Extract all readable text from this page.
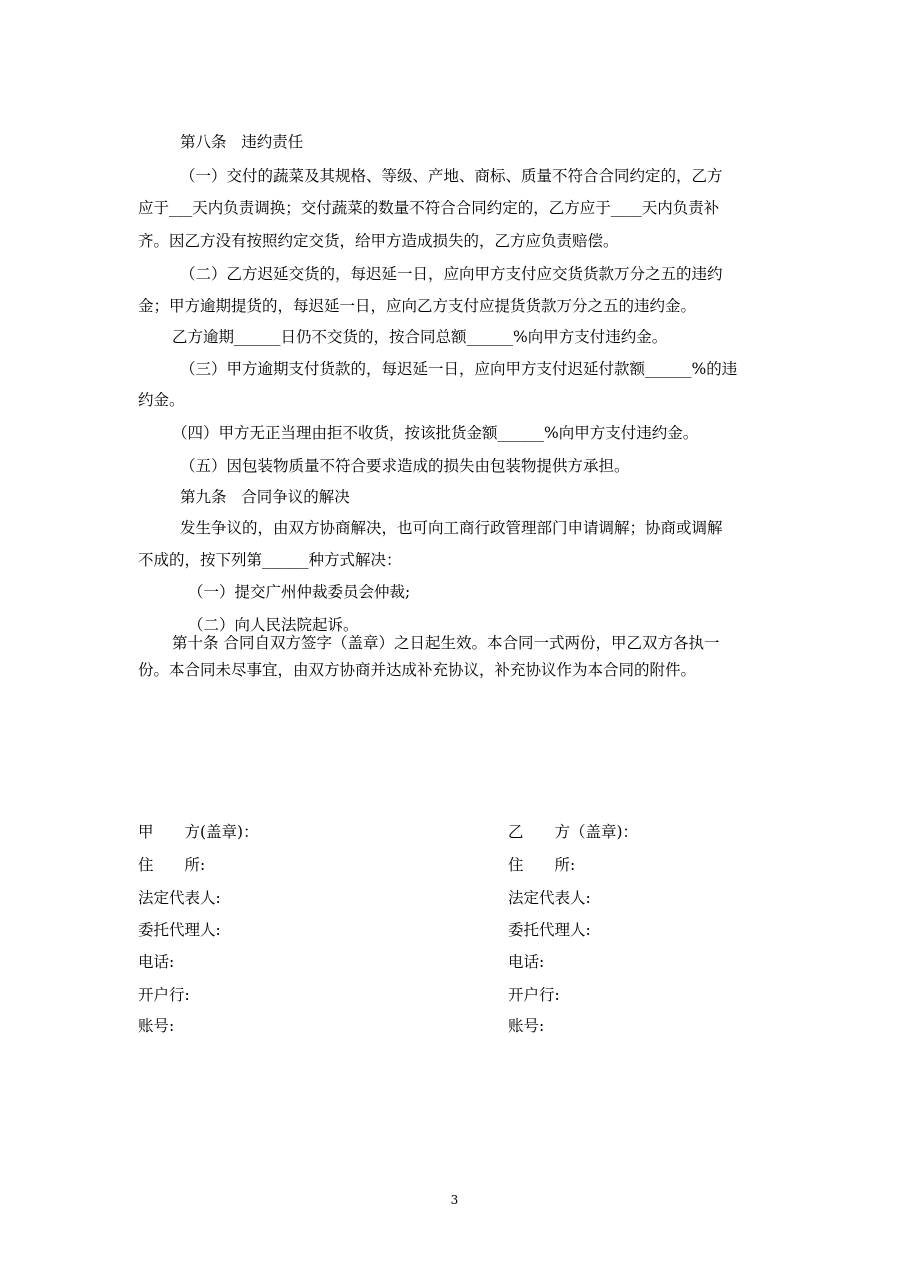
第八条 违约责任
（一）交付的蔬菜及其规格、等级、产地、商标、质量不符合合同约定的，乙方
应于___天内负责调换；交付蔬菜的数量不符合合同约定的，乙方应于____天内负责补
齐。因乙方没有按照约定交货，给甲方造成损失的，乙方应负责赔偿。
（二）乙方迟延交货的，每迟延一日，应向甲方支付应交货货款万分之五的违约
金；甲方逾期提货的，每迟延一日，应向乙方支付应提货货款万分之五的违约金。
乙方逾期______日仍不交货的，按合同总额______%向甲方支付违约金。
（三）甲方逾期支付货款的，每迟延一日，应向甲方支付迟延付款额______%的违
约金。
（四）甲方无正当理由拒不收货，按该批货金额______%向甲方支付违约金。
（五）因包装物质量不符合要求造成的损失由包装物提供方承担。
第九条 合同争议的解决
发生争议的，由双方协商解决，也可向工商行政管理部门申请调解；协商或调解
不成的，按下列第______种方式解决：
（一）提交广州仲裁委员会仲裁;
（二）向人民法院起诉。
第十条 合同自双方签字（盖章）之日起生效。本合同一式两份，甲乙双方各执一
份。本合同未尽事宜，由双方协商并达成补充协议，补充协议作为本合同的附件。
甲　　方(盖章)：
住　　所:
法定代表人:
委托代理人:
电话:
开户行:
账号:
乙　　方（盖章)：
住　　所:
法定代表人:
委托代理人:
电话:
开户行:
账号:
3
